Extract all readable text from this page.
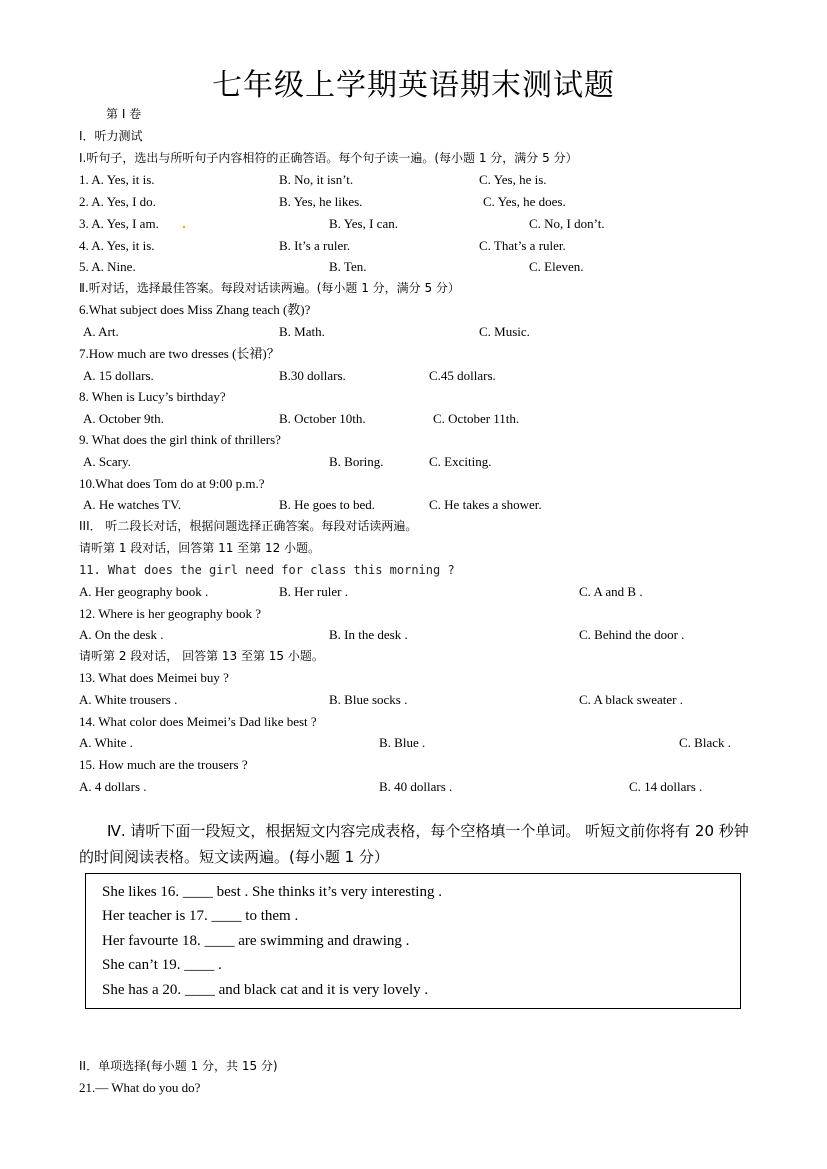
七年级上学期英语期末测试题
第 I 卷
I．听力测试
Ⅰ.听句子，选出与所听句子内容相符的正确答语。每个句子读一遍。(每小题 1 分，满分 5 分）
1. A. Yes, it is.	B. No, it isn’t.	C. Yes, he is.
2. A. Yes, I do.	B. Yes, he likes.	C. Yes, he does.
3. A. Yes, I am.	B. Yes, I can.	C. No, I don’t.
4. A. Yes, it is.	B. It’s a ruler.	C. That’s a ruler.
5. A. Nine.	B. Ten.	C. Eleven.
Ⅱ.听对话，选择最佳答案。每段对话读两遍。(每小题 1 分，满分 5 分）
6.What subject does Miss Zhang teach (教)?
A. Art.	B. Math.	C. Music.
7.How much are two dresses (长裙)？
A. 15 dollars.	B.30 dollars.	C.45 dollars.
8. When is Lucy’s birthday?
A. October 9th.	B. October 10th.	C. October 11th.
9. What does the girl think of thrillers?
A. Scary.	B. Boring.	C. Exciting.
10.What does Tom do at 9:00 p.m.?
A. He watches TV.	B. He goes to bed.	C. He takes a shower.
III． 听二段长对话，根据问题选择正确答案。每段对话读两遍。
请听第 1 段对话，回答第 11 至第 12 小题。
11. What does the girl need for class this morning ?
A. Her geography book .	B. Her ruler .	C. A and B .
12. Where is her geography book ?
A. On the desk .	B. In the desk .	C. Behind the door .
请听第 2 段对话， 回答第 13 至第 15 小题。
13. What does Meimei buy ?
A. White trousers .	B. Blue socks .	C. A black sweater .
14. What color does Meimei’s Dad like best ?
A. White .	B. Blue .	C. Black .
15. How much are the trousers ?
A. 4 dollars .	B. 40 dollars .	C. 14 dollars .
Ⅳ. 请听下面一段短文，根据短文内容完成表格，每个空格填一个单词。 听短文前你将有 20 秒钟的时间阅读表格。短文读两遍。(每小题 1 分）
She likes 16. ____ best . She thinks it’s very interesting .
Her teacher is 17. ____ to them .
Her favourte 18. ____ are swimming and drawing .
She can’t 19. ____ .
She has a 20. ____ and black cat and it is very lovely .
II．单项选择(每小题 1 分，共 15 分)
21.— What do you do?
